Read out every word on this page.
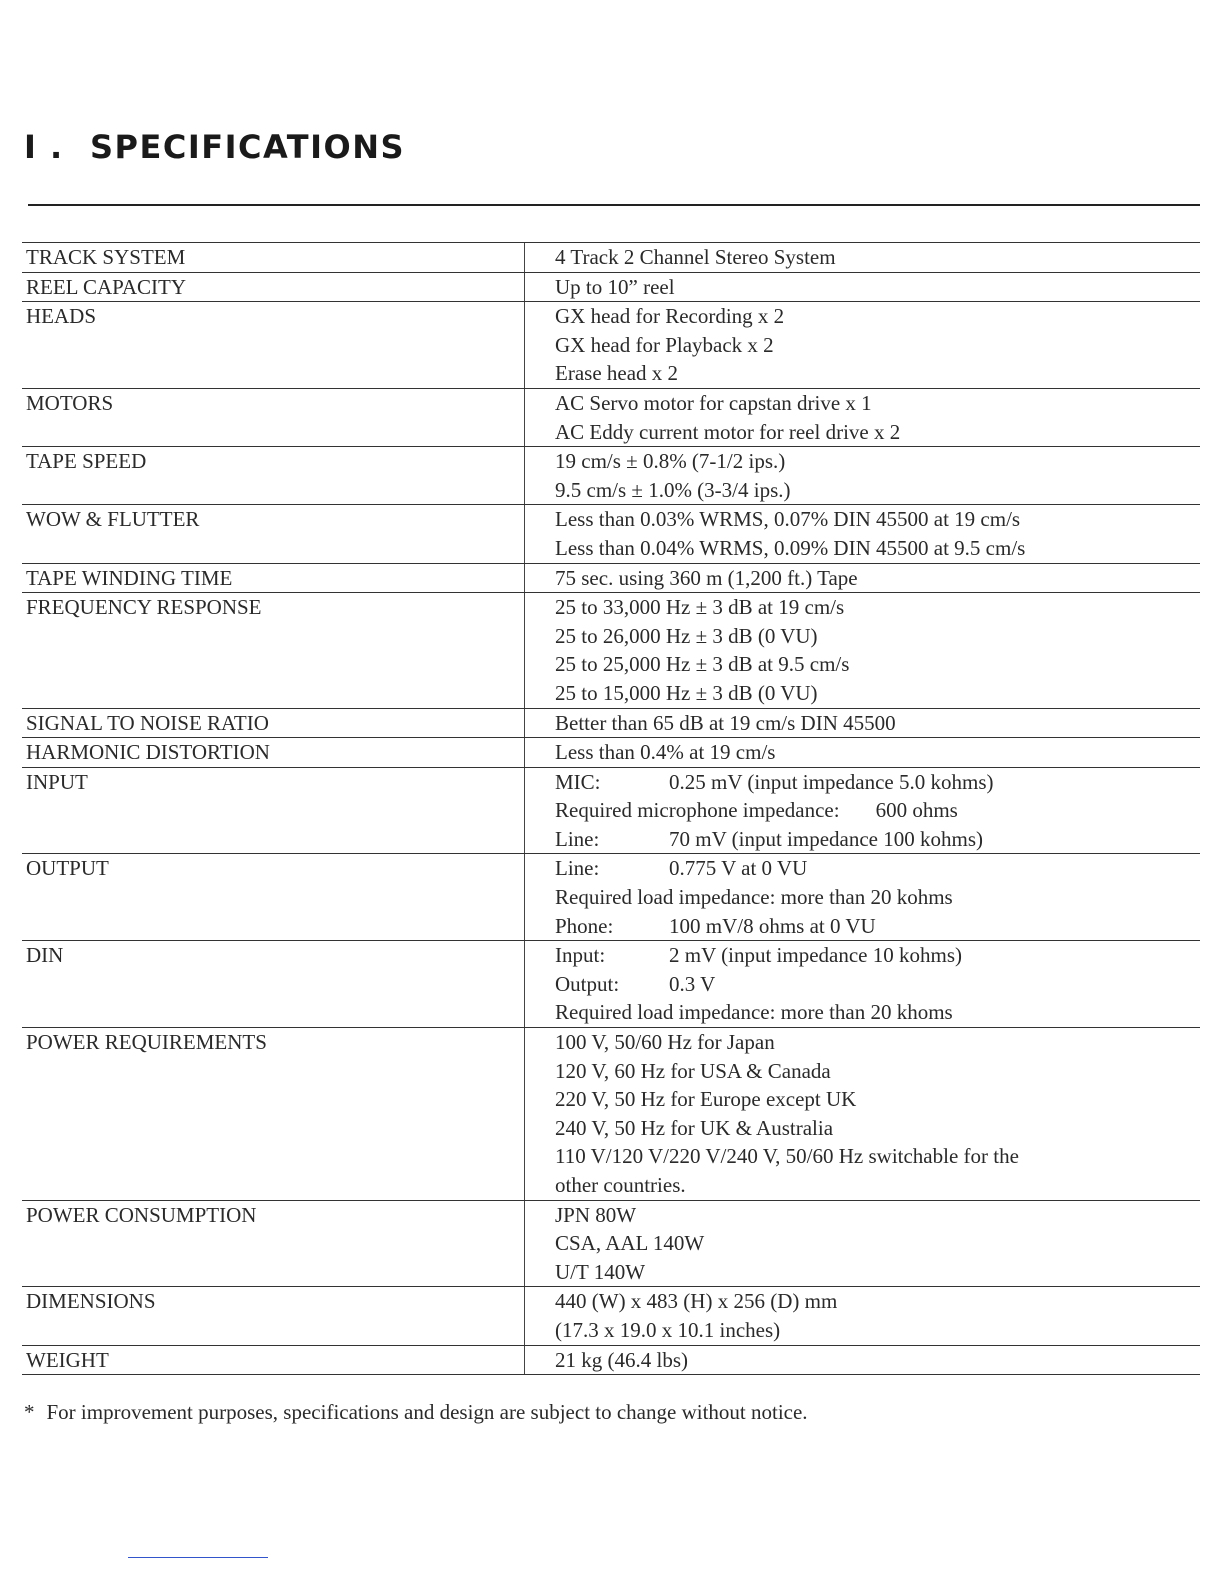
I . SPECIFICATIONS
TRACK SYSTEM	4 Track 2 Channel Stereo System
REEL CAPACITY	Up to 10” reel
HEADS	GX head for Recording x 2
GX head for Playback x 2
Erase head x 2
MOTORS	AC Servo motor for capstan drive x 1
AC Eddy current motor for reel drive x 2
TAPE SPEED	19 cm/s ± 0.8% (7-1/2 ips.)
9.5 cm/s ± 1.0% (3-3/4 ips.)
WOW & FLUTTER	Less than 0.03% WRMS, 0.07% DIN 45500 at 19 cm/s
Less than 0.04% WRMS, 0.09% DIN 45500 at 9.5 cm/s
TAPE WINDING TIME	75 sec. using 360 m (1,200 ft.) Tape
FREQUENCY RESPONSE	25 to 33,000 Hz ± 3 dB at 19 cm/s
25 to 26,000 Hz ± 3 dB (0 VU)
25 to 25,000 Hz ± 3 dB at 9.5 cm/s
25 to 15,000 Hz ± 3 dB (0 VU)
SIGNAL TO NOISE RATIO	Better than 65 dB at 19 cm/s DIN 45500
HARMONIC DISTORTION	Less than 0.4% at 19 cm/s
INPUT	MIC:	0.25 mV (input impedance 5.0 kohms)
Required microphone impedance: 600 ohms
Line:	70 mV (input impedance 100 kohms)
OUTPUT	Line:	0.775 V at 0 VU
Required load impedance: more than 20 kohms
Phone:	100 mV/8 ohms at 0 VU
DIN	Input:	2 mV (input impedance 10 kohms)
Output:	0.3 V
Required load impedance: more than 20 khoms
POWER REQUIREMENTS	100 V, 50/60 Hz for Japan
120 V, 60 Hz for USA & Canada
220 V, 50 Hz for Europe except UK
240 V, 50 Hz for UK & Australia
110 V/120 V/220 V/240 V, 50/60 Hz switchable for the
other countries.
POWER CONSUMPTION	JPN 80W
CSA, AAL 140W
U/T 140W
DIMENSIONS	440 (W) x 483 (H) x 256 (D) mm
(17.3 x 19.0 x 10.1 inches)
WEIGHT	21 kg (46.4 lbs)
* For improvement purposes, specifications and design are subject to change without notice.
